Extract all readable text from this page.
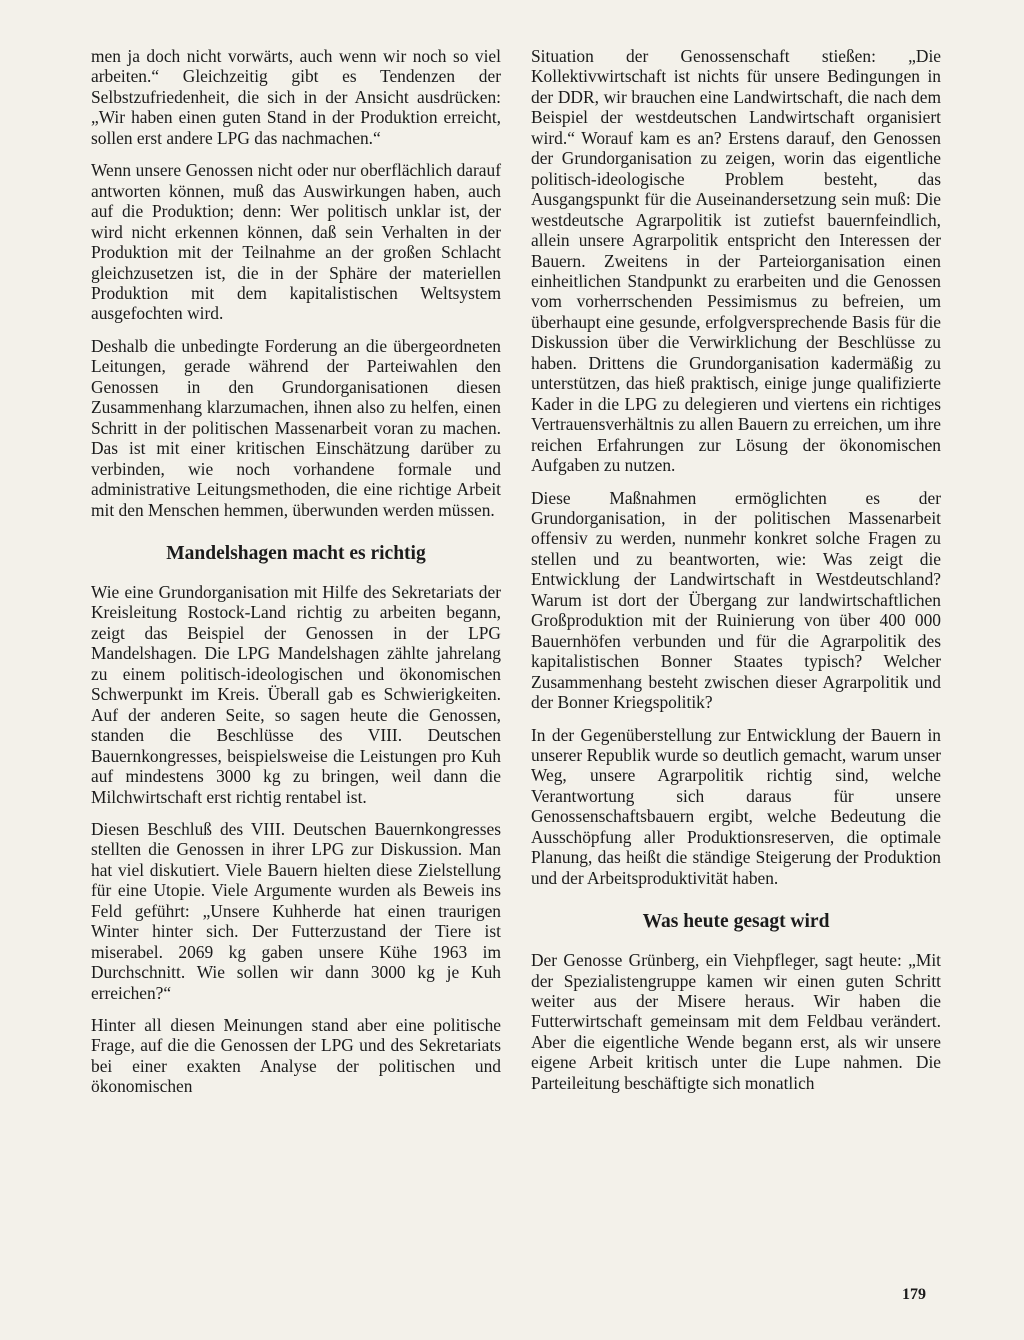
men ja doch nicht vorwärts, auch wenn wir noch so viel arbeiten.“ Gleichzeitig gibt es Tendenzen der Selbstzufriedenheit, die sich in der Ansicht ausdrücken: „Wir haben einen guten Stand in der Produktion erreicht, sollen erst andere LPG das nachmachen.“

Wenn unsere Genossen nicht oder nur oberflächlich darauf antworten können, muß das Auswirkungen haben, auch auf die Produktion; denn: Wer politisch unklar ist, der wird nicht erkennen können, daß sein Verhalten in der Produktion mit der Teilnahme an der großen Schlacht gleichzusetzen ist, die in der Sphäre der materiellen Produktion mit dem kapitalistischen Weltsystem ausgefochten wird.

Deshalb die unbedingte Forderung an die übergeordneten Leitungen, gerade während der Parteiwahlen den Genossen in den Grundorganisationen diesen Zusammenhang klarzumachen, ihnen also zu helfen, einen Schritt in der politischen Massenarbeit voran zu machen. Das ist mit einer kritischen Einschätzung darüber zu verbinden, wie noch vorhandene formale und administrative Leitungsmethoden, die eine richtige Arbeit mit den Menschen hemmen, überwunden werden müssen.

Mandelshagen macht es richtig

Wie eine Grundorganisation mit Hilfe des Sekretariats der Kreisleitung Rostock-Land richtig zu arbeiten begann, zeigt das Beispiel der Genossen in der LPG Mandelshagen. Die LPG Mandelshagen zählte jahrelang zu einem politisch-ideologischen und ökonomischen Schwerpunkt im Kreis. Überall gab es Schwierigkeiten. Auf der anderen Seite, so sagen heute die Genossen, standen die Beschlüsse des VIII. Deutschen Bauernkongresses, beispielsweise die Leistungen pro Kuh auf mindestens 3000 kg zu bringen, weil dann die Milchwirtschaft erst richtig rentabel ist.

Diesen Beschluß des VIII. Deutschen Bauernkongresses stellten die Genossen in ihrer LPG zur Diskussion. Man hat viel diskutiert. Viele Bauern hielten diese Zielstellung für eine Utopie. Viele Argumente wurden als Beweis ins Feld geführt: „Unsere Kuhherde hat einen traurigen Winter hinter sich. Der Futterzustand der Tiere ist miserabel. 2069 kg gaben unsere Kühe 1963 im Durchschnitt. Wie sollen wir dann 3000 kg je Kuh erreichen?“

Hinter all diesen Meinungen stand aber eine politische Frage, auf die die Genossen der LPG und des Sekretariats bei einer exakten Analyse der politischen und ökonomischen

Situation der Genossenschaft stießen: „Die Kollektivwirtschaft ist nichts für unsere Bedingungen in der DDR, wir brauchen eine Landwirtschaft, die nach dem Beispiel der westdeutschen Landwirtschaft organisiert wird.“ Worauf kam es an? Erstens darauf, den Genossen der Grundorganisation zu zeigen, worin das eigentliche politisch-ideologische Problem besteht, das Ausgangspunkt für die Auseinandersetzung sein muß: Die westdeutsche Agrarpolitik ist zutiefst bauernfeindlich, allein unsere Agrarpolitik entspricht den Interessen der Bauern. Zweitens in der Parteiorganisation einen einheitlichen Standpunkt zu erarbeiten und die Genossen vom vorherrschenden Pessimismus zu befreien, um überhaupt eine gesunde, erfolgversprechende Basis für die Diskussion über die Verwirklichung der Beschlüsse zu haben. Drittens die Grundorganisation kadermäßig zu unterstützen, das hieß praktisch, einige junge qualifizierte Kader in die LPG zu delegieren und viertens ein richtiges Vertrauensverhältnis zu allen Bauern zu erreichen, um ihre reichen Erfahrungen zur Lösung der ökonomischen Aufgaben zu nutzen.

Diese Maßnahmen ermöglichten es der Grundorganisation, in der politischen Massenarbeit offensiv zu werden, nunmehr konkret solche Fragen zu stellen und zu beantworten, wie: Was zeigt die Entwicklung der Landwirtschaft in Westdeutschland? Warum ist dort der Übergang zur landwirtschaftlichen Großproduktion mit der Ruinierung von über 400 000 Bauernhöfen verbunden und für die Agrarpolitik des kapitalistischen Bonner Staates typisch? Welcher Zusammenhang besteht zwischen dieser Agrarpolitik und der Bonner Kriegspolitik?

In der Gegenüberstellung zur Entwicklung der Bauern in unserer Republik wurde so deutlich gemacht, warum unser Weg, unsere Agrarpolitik richtig sind, welche Verantwortung sich daraus für unsere Genossenschaftsbauern ergibt, welche Bedeutung die Ausschöpfung aller Produktionsreserven, die optimale Planung, das heißt die ständige Steigerung der Produktion und der Arbeitsproduktivität haben.

Was heute gesagt wird

Der Genosse Grünberg, ein Viehpfleger, sagt heute: „Mit der Spezialistengruppe kamen wir einen guten Schritt weiter aus der Misere heraus. Wir haben die Futterwirtschaft gemeinsam mit dem Feldbau verändert. Aber die eigentliche Wende begann erst, als wir unsere eigene Arbeit kritisch unter die Lupe nahmen. Die Parteileitung beschäftigte sich monatlich

179
